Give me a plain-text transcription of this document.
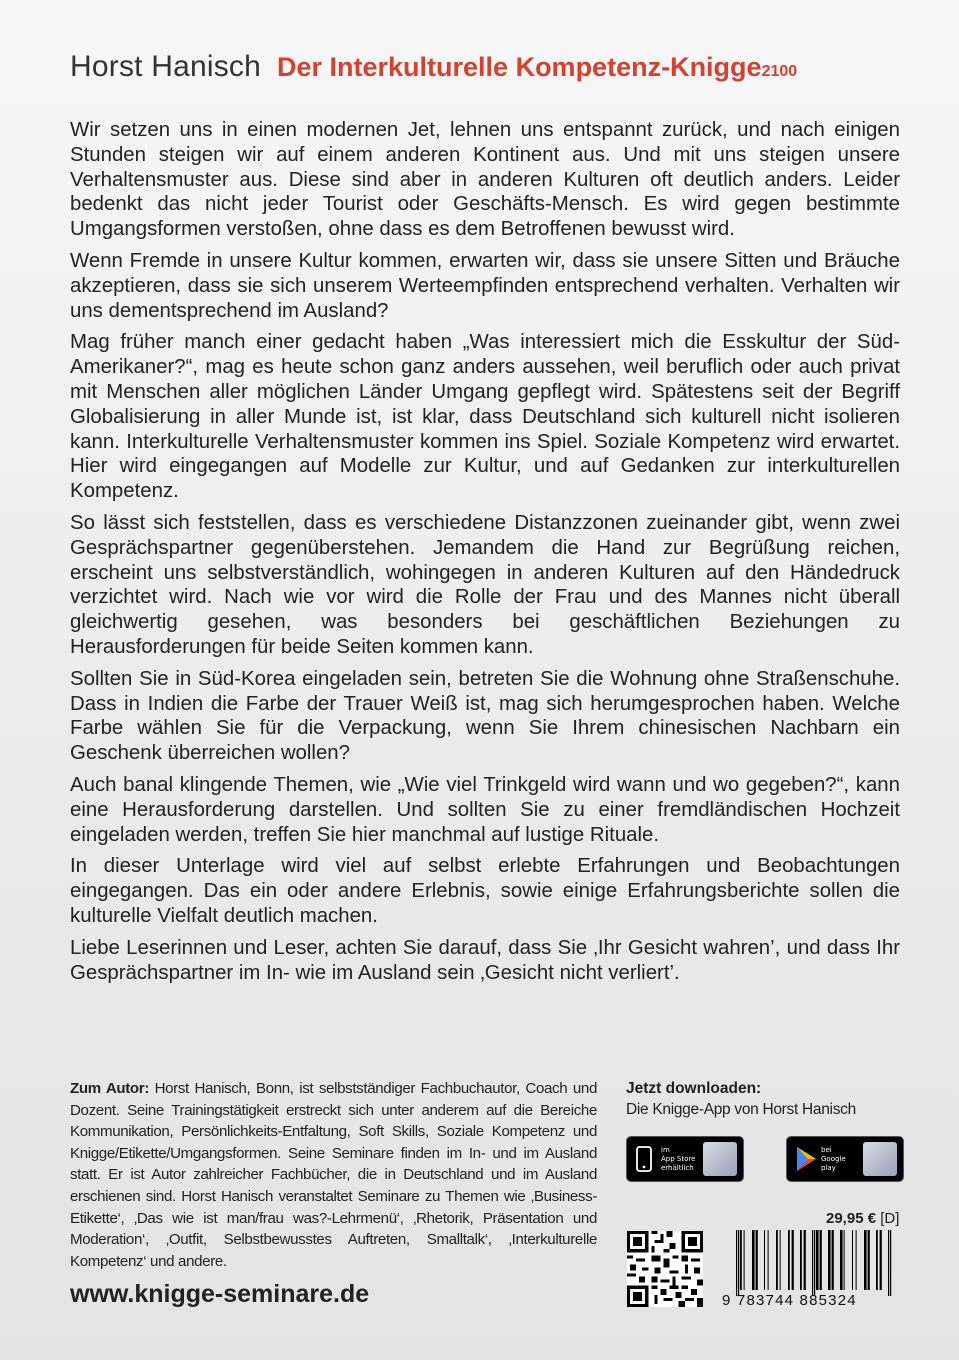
Horst Hanisch Der Interkulturelle Kompetenz-Knigge2100

Wir setzen uns in einen modernen Jet, lehnen uns entspannt zurück, und nach einigen Stunden steigen wir auf einem anderen Kontinent aus. Und mit uns steigen unsere Verhaltensmuster aus. Diese sind aber in anderen Kulturen oft deutlich anders. Leider bedenkt das nicht jeder Tourist oder Geschäfts-Mensch. Es wird gegen bestimmte Umgangsformen verstoßen, ohne dass es dem Betroffenen bewusst wird.

Wenn Fremde in unsere Kultur kommen, erwarten wir, dass sie unsere Sitten und Bräuche akzeptieren, dass sie sich unserem Werteempfinden entsprechend verhalten. Verhalten wir uns dementsprechend im Ausland?

Mag früher manch einer gedacht haben „Was interessiert mich die Esskultur der Süd-Amerikaner?“, mag es heute schon ganz anders aussehen, weil beruflich oder auch privat mit Menschen aller möglichen Länder Umgang gepflegt wird. Spätestens seit der Begriff Globalisierung in aller Munde ist, ist klar, dass Deutschland sich kulturell nicht isolieren kann. Interkulturelle Verhaltensmuster kommen ins Spiel. Soziale Kompetenz wird erwartet. Hier wird eingegangen auf Modelle zur Kultur, und auf Gedanken zur interkulturellen Kompetenz.

So lässt sich feststellen, dass es verschiedene Distanzzonen zueinander gibt, wenn zwei Gesprächspartner gegenüberstehen. Jemandem die Hand zur Begrüßung reichen, erscheint uns selbstverständlich, wohingegen in anderen Kulturen auf den Händedruck verzichtet wird. Nach wie vor wird die Rolle der Frau und des Mannes nicht überall gleichwertig gesehen, was besonders bei geschäftlichen Beziehungen zu Herausforderungen für beide Seiten kommen kann.

Sollten Sie in Süd-Korea eingeladen sein, betreten Sie die Wohnung ohne Straßenschuhe. Dass in Indien die Farbe der Trauer Weiß ist, mag sich herumgesprochen haben. Welche Farbe wählen Sie für die Verpackung, wenn Sie Ihrem chinesischen Nachbarn ein Geschenk überreichen wollen?

Auch banal klingende Themen, wie „Wie viel Trinkgeld wird wann und wo gegeben?“, kann eine Herausforderung darstellen. Und sollten Sie zu einer fremdländischen Hochzeit eingeladen werden, treffen Sie hier manchmal auf lustige Rituale.

In dieser Unterlage wird viel auf selbst erlebte Erfahrungen und Beobachtungen eingegangen. Das ein oder andere Erlebnis, sowie einige Erfahrungsberichte sollen die kulturelle Vielfalt deutlich machen.

Liebe Leserinnen und Leser, achten Sie darauf, dass Sie ‚Ihr Gesicht wahren’, und dass Ihr Gesprächspartner im In- wie im Ausland sein ‚Gesicht nicht verliert’.

Zum Autor: Horst Hanisch, Bonn, ist selbstständiger Fachbuchautor, Coach und Dozent. Seine Trainingstätigkeit erstreckt sich unter anderem auf die Bereiche Kommunikation, Persönlichkeits-Entfaltung, Soft Skills, Soziale Kompetenz und Knigge/Etikette/Umgangsformen. Seine Seminare finden im In- und im Ausland statt. Er ist Autor zahlreicher Fachbücher, die in Deutschland und im Ausland erschienen sind. Horst Hanisch veranstaltet Seminare zu Themen wie ‚Business-Etikette‘, ‚Das wie ist man/frau was?-Lehrmenü‘, ‚Rhetorik, Präsentation und Moderation‘, ‚Outfit, Selbstbewusstes Auftreten, Smalltalk‘, ‚Interkulturelle Kompetenz‘ und andere.

www.knigge-seminare.de

Jetzt downloaden:

Die Knigge-App von Horst Hanisch

im
App Store
erhältlich
bei
Google
play
29,95 € [D]
9 783744 885324
